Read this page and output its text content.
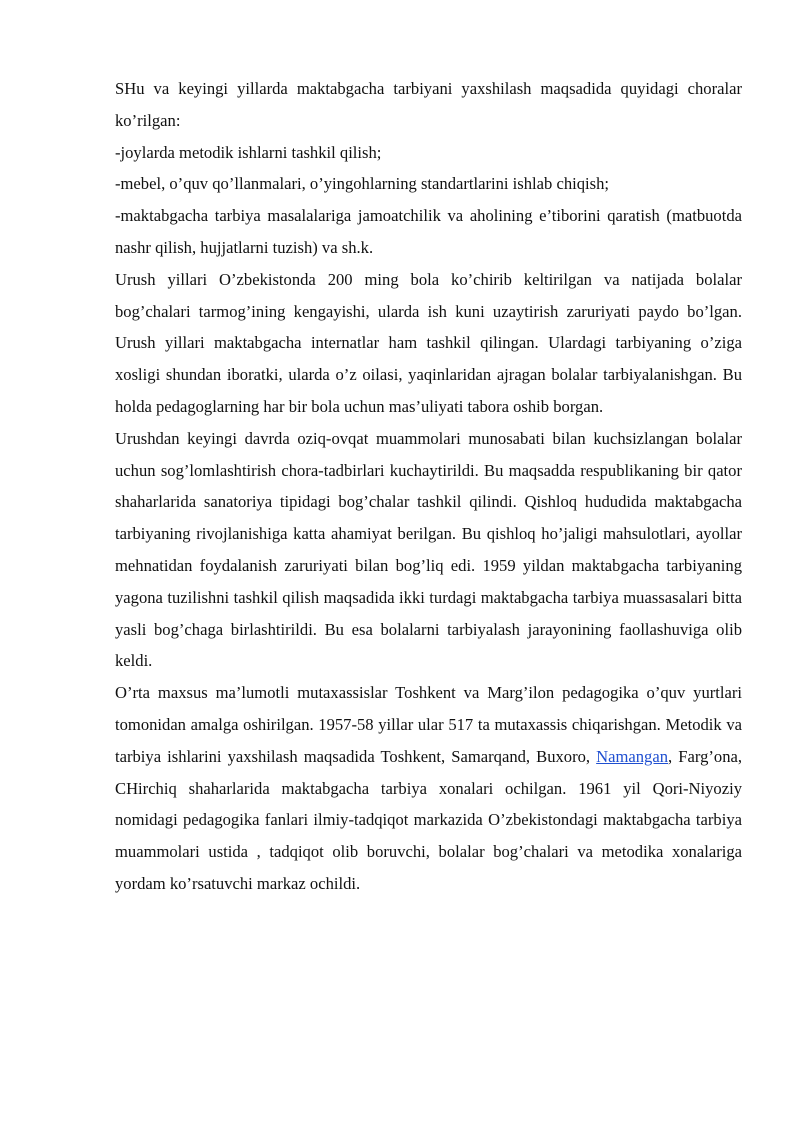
SHu va keyingi yillarda maktabgacha tarbiyani yaxshilash maqsadida quyidagi choralar ko’rilgan:

-joylarda metodik ishlarni tashkil qilish;

-mebel, o’quv qo’llanmalari, o’yingohlarning standartlarini ishlab chiqish;

-maktabgacha tarbiya masalalariga jamoatchilik va aholining e’tiborini qaratish (matbuotda nashr qilish, hujjatlarni tuzish) va sh.k.

Urush yillari O’zbekistonda 200 ming bola ko’chirib keltirilgan va natijada bolalar bog’chalari tarmog’ining kengayishi, ularda ish kuni uzaytirish zaruriyati paydo bo’lgan. Urush yillari maktabgacha internatlar ham tashkil qilingan. Ulardagi tarbiyaning o’ziga xosligi shundan iboratki, ularda o’z oilasi, yaqinlaridan ajragan bolalar tarbiyalanishgan. Bu holda pedagoglarning har bir bola uchun mas’uliyati tabora oshib borgan.

Urushdan keyingi davrda oziq-ovqat muammolari munosabati bilan kuchsizlangan bolalar uchun sog’lomlashtirish chora-tadbirlari kuchaytirildi. Bu maqsadda respublikaning bir qator shaharlarida sanatoriya tipidagi bog’chalar tashkil qilindi. Qishloq hududida maktabgacha tarbiyaning rivojlanishiga katta ahamiyat berilgan. Bu qishloq ho’jaligi mahsulotlari, ayollar mehnatidan foydalanish zaruriyati bilan bog’liq edi. 1959 yildan maktabgacha tarbiyaning yagona tuzilishni tashkil qilish maqsadida ikki turdagi maktabgacha tarbiya muassasalari bitta yasli bog’chaga birlashtirildi. Bu esa bolalarni tarbiyalash jarayonining faollashuviga olib keldi.

O’rta maxsus ma’lumotli mutaxassislar Toshkent va Marg’ilon pedagogika o’quv yurtlari tomonidan amalga oshirilgan. 1957-58 yillar ular 517 ta mutaxassis chiqarishgan. Metodik va tarbiya ishlarini yaxshilash maqsadida Toshkent, Samarqand, Buxoro, Namangan, Farg’ona, CHirchiq shaharlarida maktabgacha tarbiya xonalari ochilgan. 1961 yil Qori-Niyoziy nomidagi pedagogika fanlari ilmiy-tadqiqot markazida O’zbekistondagi maktabgacha tarbiya muammolari ustida , tadqiqot olib boruvchi, bolalar bog’chalari va metodika xonalariga yordam ko’rsatuvchi markaz ochildi.
